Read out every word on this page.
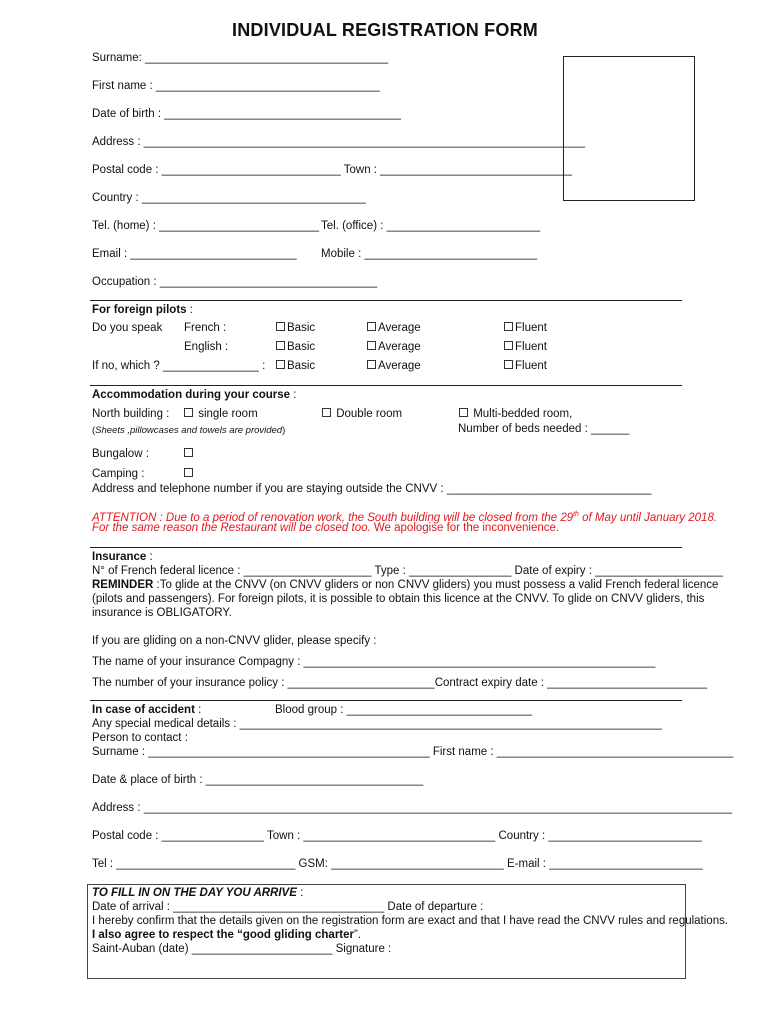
INDIVIDUAL REGISTRATION FORM
Surname: ______________________________________
First name : ___________________________________
Date of birth : _____________________________________
Address : _____________________________________________________________________
Postal code : ____________________________ Town : ______________________________
Country : ___________________________________
Tel. (home) : _________________________ Tel. (office) : ________________________
Email : __________________________ Mobile : ___________________________
Occupation : __________________________________
For foreign pilots :
Do you speak French :	Basic	Average	Fluent
English :	Basic	Average	Fluent
If no, which ? _______________ :	Basic	Average	Fluent
Accommodation during your course :
North building :	single room	Double room	Multi-bedded room,
(Sheets ,pillowcases and towels are provided)	Number of beds needed : ______
Bungalow :
Camping :
Address and telephone number if you are staying outside the CNVV : ________________________________
ATTENTION : Due to a period of renovation work, the South building will be closed from the 29th of May until January 2018.
For the same reason the Restaurant will be closed too. We apologise for the inconvenience.
Insurance :
N° of French federal licence : ____________________ Type : ________________ Date of expiry : ____________________
REMINDER :To glide at the CNVV (on CNVV gliders or non CNVV gliders) you must possess a valid French federal licence
(pilots and passengers). For foreign pilots, it is possible to obtain this licence at the CNVV. To glide on CNVV gliders, this
insurance is OBLIGATORY.
If you are gliding on a non-CNVV glider, please specify :
The name of your insurance Compagny : _______________________________________________________
The number of your insurance policy : _______________________Contract expiry date : _________________________
In case of accident :	Blood group : _____________________________
Any special medical details : __________________________________________________________________
Person to contact :
Surname : ____________________________________________ First name : _____________________________________
Date & place of birth : __________________________________
Address : ____________________________________________________________________________________________
Postal code : ________________ Town : ______________________________ Country : ________________________
Tel : ____________________________ GSM: ___________________________ E-mail : ________________________
TO FILL IN ON THE DAY YOU ARRIVE :
Date of arrival : _________________________________ Date of departure :
I hereby confirm that the details given on the registration form are exact and that I have read the CNVV rules and regulations.
I also agree to respect the “good gliding charter”.
Saint-Auban (date) ______________________ Signature :
